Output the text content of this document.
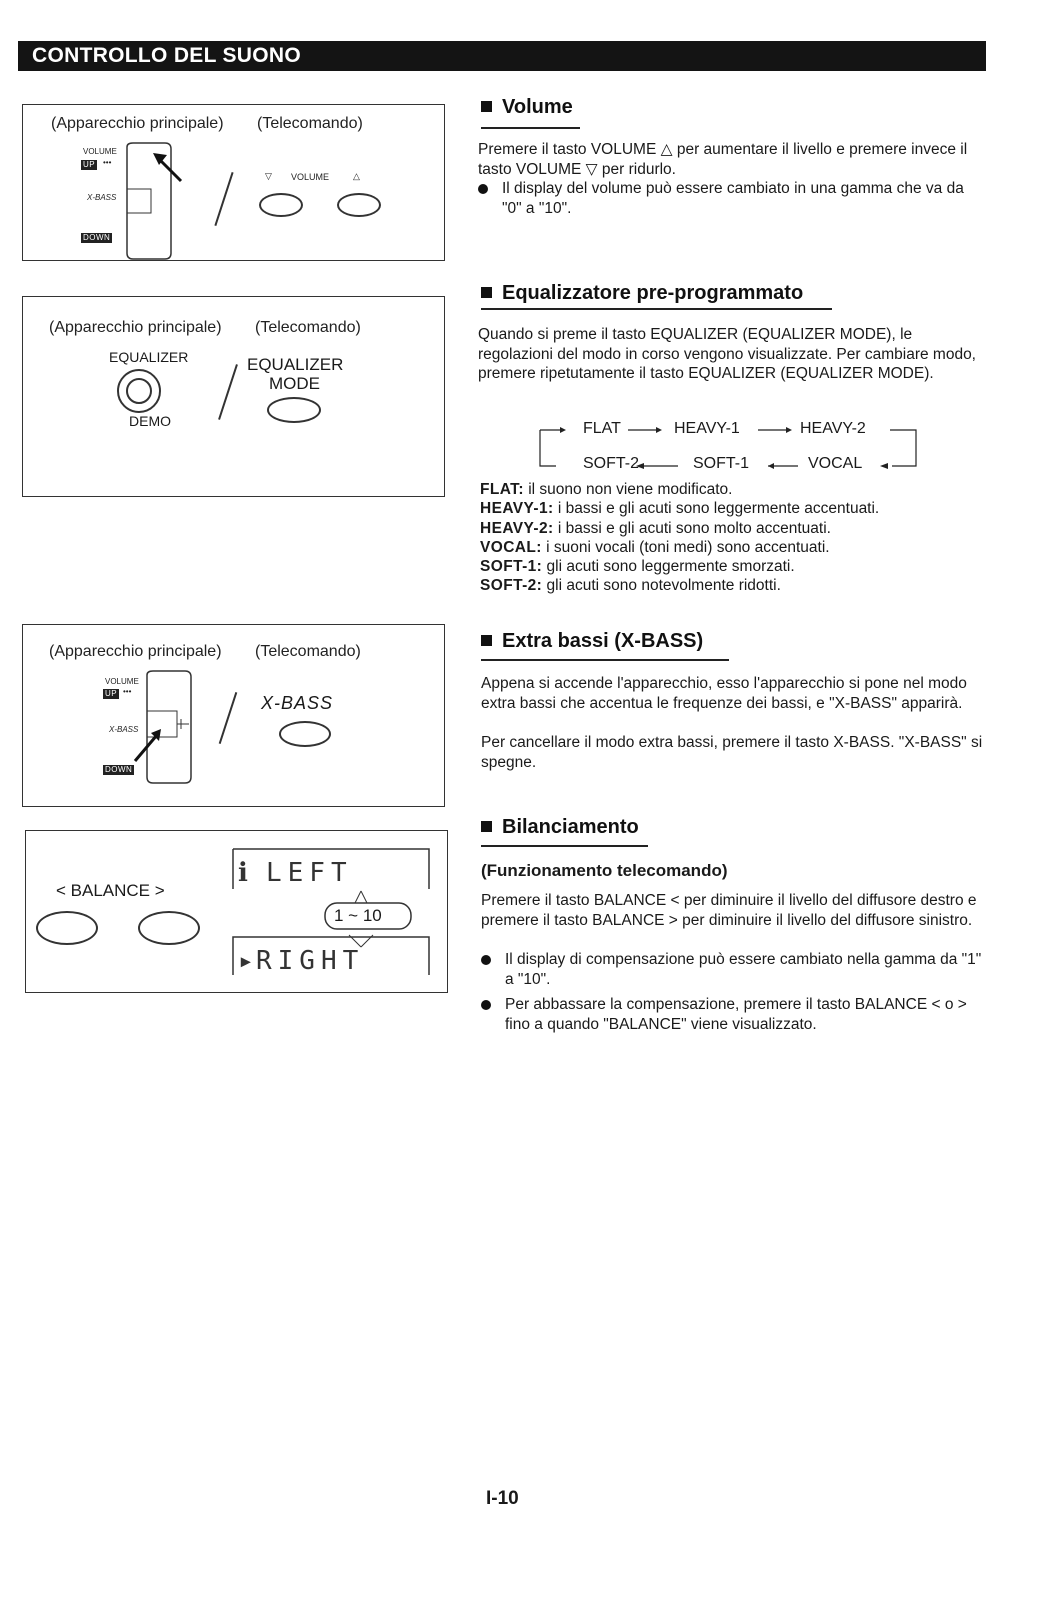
CONTROLLO DEL SUONO
(Apparecchio principale) (Telecomando)
VOLUME
UP •••
X-BASS
DOWN
▽ VOLUME	△
(Apparecchio principale) (Telecomando)
EQUALIZER
DEMO
EQUALIZER
MODE
(Apparecchio principale) (Telecomando)
VOLUME
UP •••
X-BASS
DOWN
X-BASS
< BALANCE >
ℹ LEFT
1 ~ 10
▸
RIGHT
Volume
Premere il tasto VOLUME △ per aumentare il livello e premere invece il tasto VOLUME ▽ per ridurlo.
Il display del volume può essere cambiato in una gamma che va da "0" a "10".
Equalizzatore pre-programmato
Quando si preme il tasto EQUALIZER (EQUALIZER MODE), le regolazioni del modo in corso vengono visualizzate. Per cambiare modo, premere ripetutamente il tasto EQUALIZER (EQUALIZER MODE).
FLAT	HEAVY-1	HEAVY-2
VOCAL
SOFT-1
SOFT-2
FLAT: il suono non viene modificato.
HEAVY-1: i bassi e gli acuti sono leggermente accentuati.
HEAVY-2: i bassi e gli acuti sono molto accentuati.
VOCAL: i suoni vocali (toni medi) sono accentuati.
SOFT-1: gli acuti sono leggermente smorzati.
SOFT-2: gli acuti sono notevolmente ridotti.
Extra bassi (X-BASS)
Appena si accende l'apparecchio, esso l'apparecchio si pone nel modo extra bassi che accentua le frequenze dei bassi, e "X-BASS" apparirà.
Per cancellare il modo extra bassi, premere il tasto X-BASS. "X-BASS" si spegne.
Bilanciamento
(Funzionamento telecomando)
Premere il tasto BALANCE < per diminuire il livello del diffusore destro e premere il tasto BALANCE > per diminuire il livello del diffusore sinistro.
Il display di compensazione può essere cambiato nella gamma da "1" a "10".
Per abbassare la compensazione, premere il tasto BALANCE < o > fino a quando "BALANCE" viene visualizzato.
I-10
